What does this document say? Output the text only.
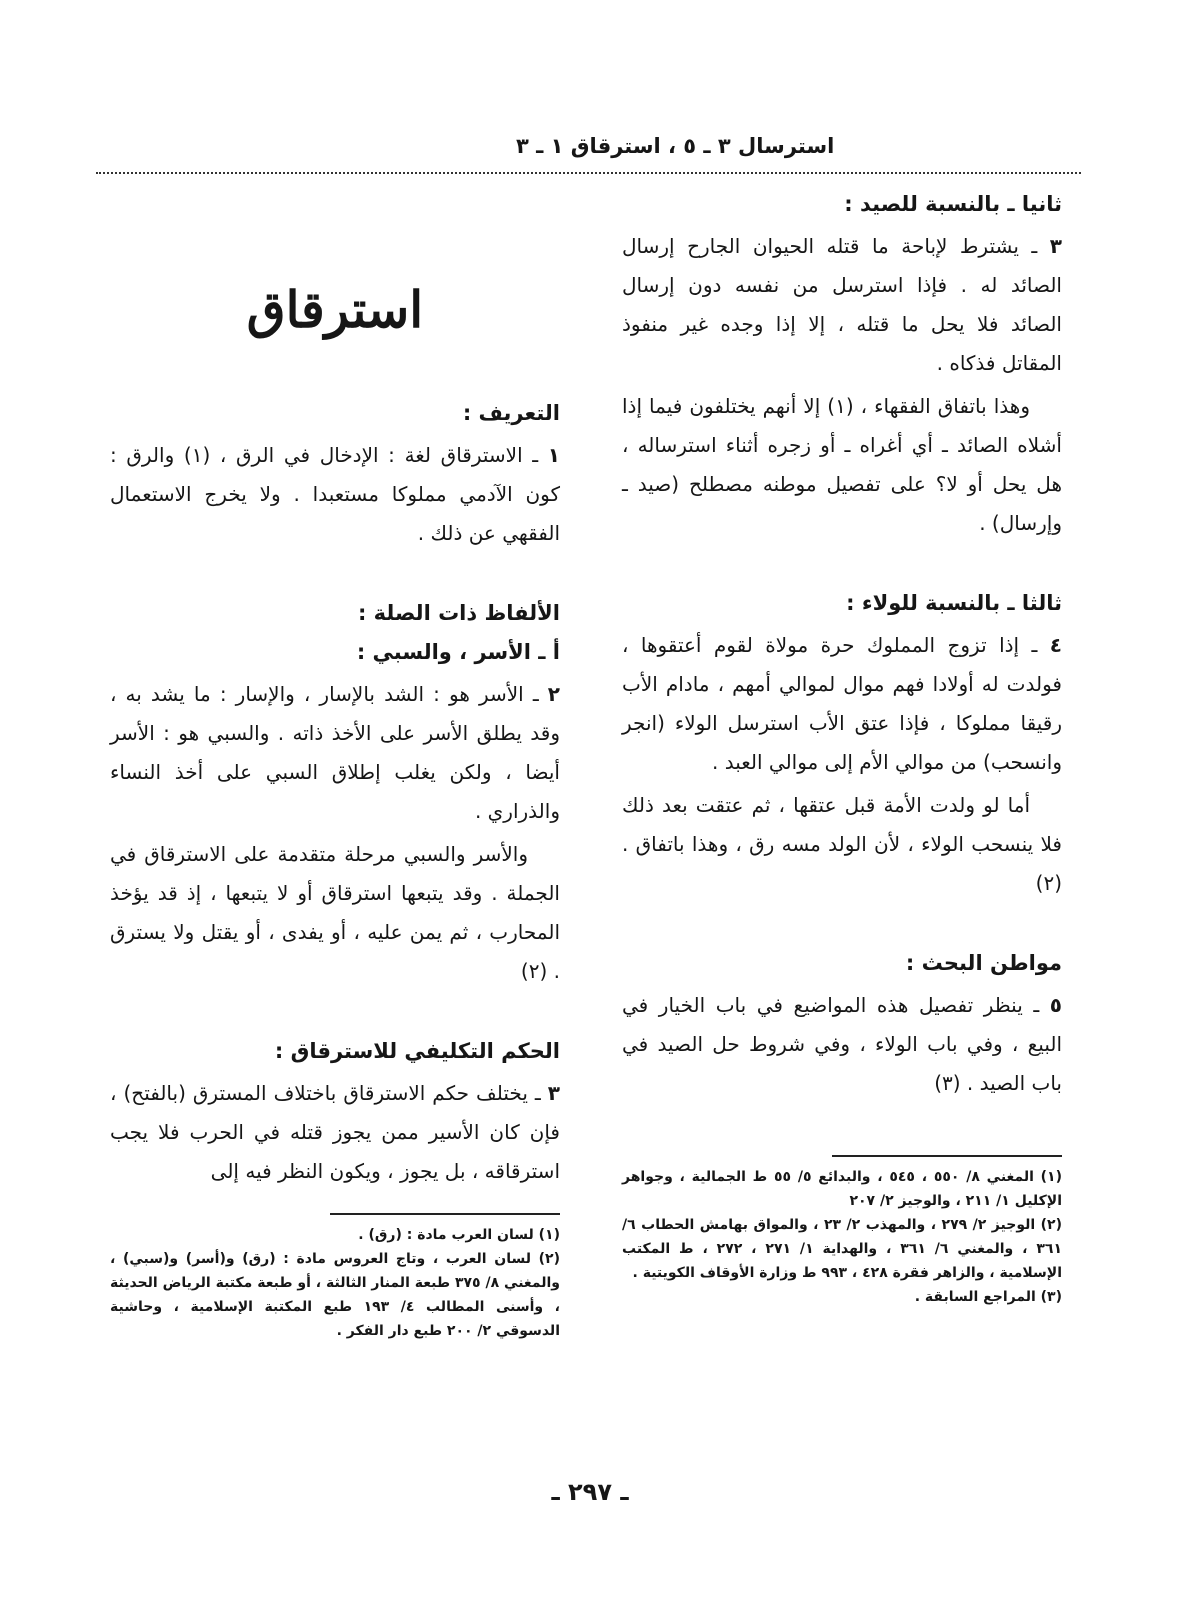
استرسال ٣ ـ ٥ ، استرقاق ١ ـ ٣
ثانيا ـ بالنسبة للصيد :

٣ ـ يشترط لإباحة ما قتله الحيوان الجارح إرسال الصائد له . فإذا استرسل من نفسه دون إرسال الصائد فلا يحل ما قتله ، إلا إذا وجده غير منفوذ المقاتل فذكاه .

وهذا باتفاق الفقهاء ، (١) إلا أنهم يختلفون فيما إذا أشلاه الصائد ـ أي أغراه ـ أو زجره أثناء استرساله ، هل يحل أو لا؟ على تفصيل موطنه مصطلح (صيد ـ وإرسال) .

ثالثا ـ بالنسبة للولاء :

٤ ـ إذا تزوج المملوك حرة مولاة لقوم أعتقوها ، فولدت له أولادا فهم موال لموالي أمهم ، مادام الأب رقيقا مملوكا ، فإذا عتق الأب استرسل الولاء (انجر وانسحب) من موالي الأم إلى موالي العبد .

أما لو ولدت الأمة قبل عتقها ، ثم عتقت بعد ذلك فلا ينسحب الولاء ، لأن الولد مسه رق ، وهذا باتفاق . (٢)

مواطن البحث :

٥ ـ ينظر تفصيل هذه المواضيع في باب الخيار في البيع ، وفي باب الولاء ، وفي شروط حل الصيد في باب الصيد . (٣)

(١) المغني ٨/ ٥٥٠ ، ٥٤٥ ، والبدائع ٥/ ٥٥ ط الجمالية ، وجواهر الإكليل ١/ ٢١١ ، والوجيز ٢/ ٢٠٧

(٢) الوجيز ٢/ ٢٧٩ ، والمهذب ٢/ ٢٣ ، والمواق بهامش الحطاب ٦/ ٣٦١ ، والمغني ٦/ ٣٦١ ، والهداية ١/ ٢٧١ ، ٢٧٢ ، ط المكتب الإسلامية ، والزاهر فقرة ٤٢٨ ، ٩٩٣ ط وزارة الأوقاف الكويتية .

(٣) المراجع السابقة .

استرقاق
التعريف :

١ ـ الاسترقاق لغة : الإدخال في الرق ، (١) والرق : كون الآدمي مملوكا مستعبدا . ولا يخرج الاستعمال الفقهي عن ذلك .

الألفاظ ذات الصلة :
أ ـ الأسر ، والسبي :

٢ ـ الأسر هو : الشد بالإسار ، والإسار : ما يشد به ، وقد يطلق الأسر على الأخذ ذاته . والسبي هو : الأسر أيضا ، ولكن يغلب إطلاق السبي على أخذ النساء والذراري .

والأسر والسبي مرحلة متقدمة على الاسترقاق في الجملة . وقد يتبعها استرقاق أو لا يتبعها ، إذ قد يؤخذ المحارب ، ثم يمن عليه ، أو يفدى ، أو يقتل ولا يسترق . (٢)

الحكم التكليفي للاسترقاق :

٣ ـ يختلف حكم الاسترقاق باختلاف المسترق (بالفتح) ، فإن كان الأسير ممن يجوز قتله في الحرب فلا يجب استرقاقه ، بل يجوز ، ويكون النظر فيه إلى

(١) لسان العرب مادة : (رق) .

(٢) لسان العرب ، وتاج العروس مادة : (رق) و(أسر) و(سبي) ، والمغني ٨/ ٣٧٥ طبعة المنار الثالثة ، أو طبعة مكتبة الرياض الحديثة ، وأسنى المطالب ٤/ ١٩٣ طبع المكتبة الإسلامية ، وحاشية الدسوقي ٢/ ٢٠٠ طبع دار الفكر .

ـ ٢٩٧ ـ
